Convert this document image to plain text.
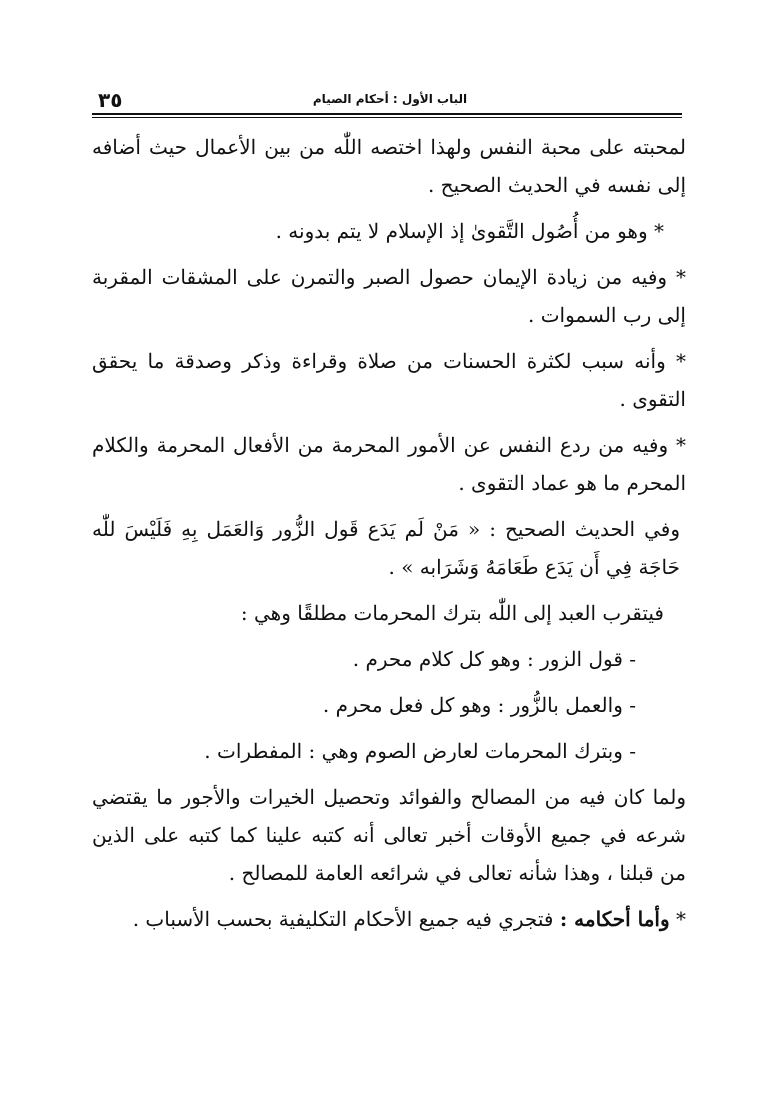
٣٥	الباب الأول : أحكام الصيام

لمحبته على محبة النفس ولهذا اختصه اللّٰه من بين الأعمال حيث أضافه إلى نفسه في الحديث الصحيح .

* وهو من أُصُول التَّقوىٰ إذ الإسلام لا يتم بدونه .

* وفيه من زيادة الإيمان حصول الصبر والتمرن على المشقات المقربة إلى رب السموات .

* وأنه سبب لكثرة الحسنات من صلاة وقراءة وذكر وصدقة ما يحقق التقوى .

* وفيه من ردع النفس عن الأمور المحرمة من الأفعال المحرمة والكلام المحرم ما هو عماد التقوى .

وفي الحديث الصحيح : « مَنْ لَم يَدَع قَول الزُّور وَالعَمَل بِهِ فَلَيْسَ للّٰه حَاجَة فِي أَن يَدَع طَعَامَهُ وَشَرَابه » .

فيتقرب العبد إلى اللّٰه بترك المحرمات مطلقًا وهي :

- قول الزور : وهو كل كلام محرم .

- والعمل بالزُّور : وهو كل فعل محرم .

- وبترك المحرمات لعارض الصوم وهي : المفطرات .

ولما كان فيه من المصالح والفوائد وتحصيل الخيرات والأجور ما يقتضي شرعه في جميع الأوقات أخبر تعالى أنه كتبه علينا كما كتبه على الذين من قبلنا ، وهذا شأنه تعالى في شرائعه العامة للمصالح .

* وأما أحكامه : فتجري فيه جميع الأحكام التكليفية بحسب الأسباب .
